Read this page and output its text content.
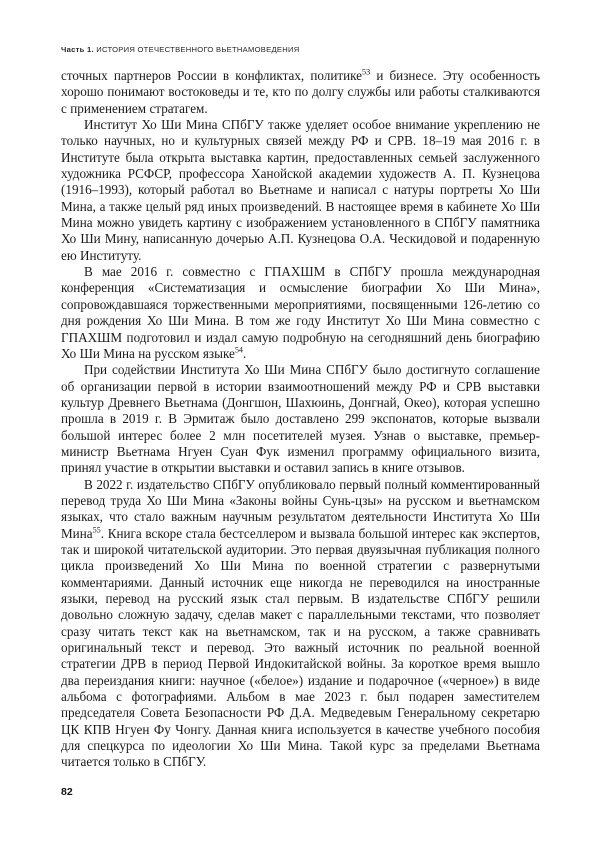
Часть 1. ИСТОРИЯ ОТЕЧЕСТВЕННОГО ВЬЕТНАМОВЕДЕНИЯ

сточных партнеров России в конфликтах, политике$^{53}$ и бизнесе. Эту особенность хорошо понимают востоковеды и те, кто по долгу службы или работы сталкиваются с применением стратагем.

Институт Хо Ши Мина СПбГУ также уделяет особое внимание укреплению не только научных, но и культурных связей между РФ и СРВ. 18–19 мая 2016 г. в Институте была открыта выставка картин, предоставленных семьей заслуженного художника РСФСР, профессора Ханойской академии художеств А. П. Кузнецова (1916–1993), который работал во Вьетнаме и написал с натуры портреты Хо Ши Мина, а также целый ряд иных произведений. В настоящее время в кабинете Хо Ши Мина можно увидеть картину с изображением установленного в СПбГУ памятника Хо Ши Мину, написанную дочерью А.П. Кузнецова О.А. Ческидовой и подаренную ею Институту.

В мае 2016 г. совместно с ГПАХШМ в СПбГУ прошла международная конференция «Систематизация и осмысление биографии Хо Ши Мина», сопровождавшаяся торжественными мероприятиями, посвященными 126-летию со дня рождения Хо Ши Мина. В том же году Институт Хо Ши Мина совместно с ГПАХШМ подготовил и издал самую подробную на сегодняшний день биографию Хо Ши Мина на русском языке$^{54}$.

При содействии Института Хо Ши Мина СПбГУ было достигнуто соглашение об организации первой в истории взаимоотношений между РФ и СРВ выставки культур Древнего Вьетнама (Донгшон, Шахюинь, Донгнай, Окео), которая успешно прошла в 2019 г. В Эрмитаж было доставлено 299 экспонатов, которые вызвали большой интерес более 2 млн посетителей музея. Узнав о выставке, премьер-министр Вьетнама Нгуен Суан Фук изменил программу официального визита, принял участие в открытии выставки и оставил запись в книге отзывов.

В 2022 г. издательство СПбГУ опубликовало первый полный комментированный перевод труда Хо Ши Мина «Законы войны Сунь-цзы» на русском и вьетнамском языках, что стало важным научным результатом деятельности Института Хо Ши Мина$^{55}$. Книга вскоре стала бестселлером и вызвала большой интерес как экспертов, так и широкой читательской аудитории. Это первая двуязычная публикация полного цикла произведений Хо Ши Мина по военной стратегии с развернутыми комментариями. Данный источник еще никогда не переводился на иностранные языки, перевод на русский язык стал первым. В издательстве СПбГУ решили довольно сложную задачу, сделав макет с параллельными текстами, что позволяет сразу читать текст как на вьетнамском, так и на русском, а также сравнивать оригинальный текст и перевод. Это важный источник по реальной военной стратегии ДРВ в период Первой Индокитайской войны. За короткое время вышло два переиздания книги: научное («белое») издание и подарочное («черное») в виде альбома с фотографиями. Альбом в мае 2023 г. был подарен заместителем председателя Совета Безопасности РФ Д.А. Медведевым Генеральному секретарю ЦК КПВ Нгуен Фу Чонгу. Данная книга используется в качестве учебного пособия для спецкурса по идеологии Хо Ши Мина. Такой курс за пределами Вьетнама читается только в СПбГУ.

82
